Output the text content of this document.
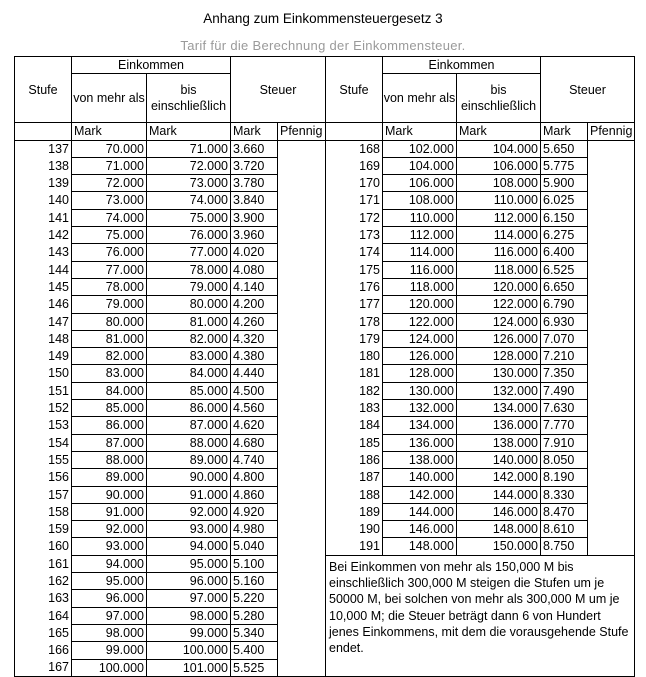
Anhang zum Einkommensteuergesetz 3
Tarif für die Berechnung der Einkommensteuer.
Stufe	Einkommen		Steuer		Stufe	Einkommen		Steuer	
	von mehr als	bis einschließlich				von mehr als	bis einschließlich		
	Mark	Mark	Mark	Pfennig		Mark	Mark	Mark	Pfennig
137	70.000	71.000	3.660		168	102.000	104.000	5.650	
138	71.000	72.000	3.720		169	104.000	106.000	5.775	
139	72.000	73.000	3.780		170	106.000	108.000	5.900	
140	73.000	74.000	3.840		171	108.000	110.000	6.025	
141	74.000	75.000	3.900		172	110.000	112.000	6.150	
142	75.000	76.000	3.960		173	112.000	114.000	6.275	
143	76.000	77.000	4.020		174	114.000	116.000	6.400	
144	77.000	78.000	4.080		175	116.000	118.000	6.525	
145	78.000	79.000	4.140		176	118.000	120.000	6.650	
146	79.000	80.000	4.200		177	120.000	122.000	6.790	
147	80.000	81.000	4.260		178	122.000	124.000	6.930	
148	81.000	82.000	4.320		179	124.000	126.000	7.070	
149	82.000	83.000	4.380		180	126.000	128.000	7.210	
150	83.000	84.000	4.440		181	128.000	130.000	7.350	
151	84.000	85.000	4.500		182	130.000	132.000	7.490	
152	85.000	86.000	4.560		183	132.000	134.000	7.630	
153	86.000	87.000	4.620		184	134.000	136.000	7.770	
154	87.000	88.000	4.680		185	136.000	138.000	7.910	
155	88.000	89.000	4.740		186	138.000	140.000	8.050	
156	89.000	90.000	4.800		187	140.000	142.000	8.190	
157	90.000	91.000	4.860		188	142.000	144.000	8.330	
158	91.000	92.000	4.920		189	144.000	146.000	8.470	
159	92.000	93.000	4.980		190	146.000	148.000	8.610	
160	93.000	94.000	5.040		191	148.000	150.000	8.750	
161	94.000	95.000	5.100		Bei Einkommen von mehr als 150,000 M bis einschließlich 300,000 M steigen die Stufen um je 50000 M, bei solchen von mehr als 300,000 M um je 10,000 M; die Steuer beträgt dann 6 von Hundert jenes Einkommens, mit dem die vorausgehende Stufe endet.				
162	95.000	96.000	5.160						
163	96.000	97.000	5.220						
164	97.000	98.000	5.280						
165	98.000	99.000	5.340						
166	99.000	100.000	5.400						
167	100.000	101.000	5.525						
